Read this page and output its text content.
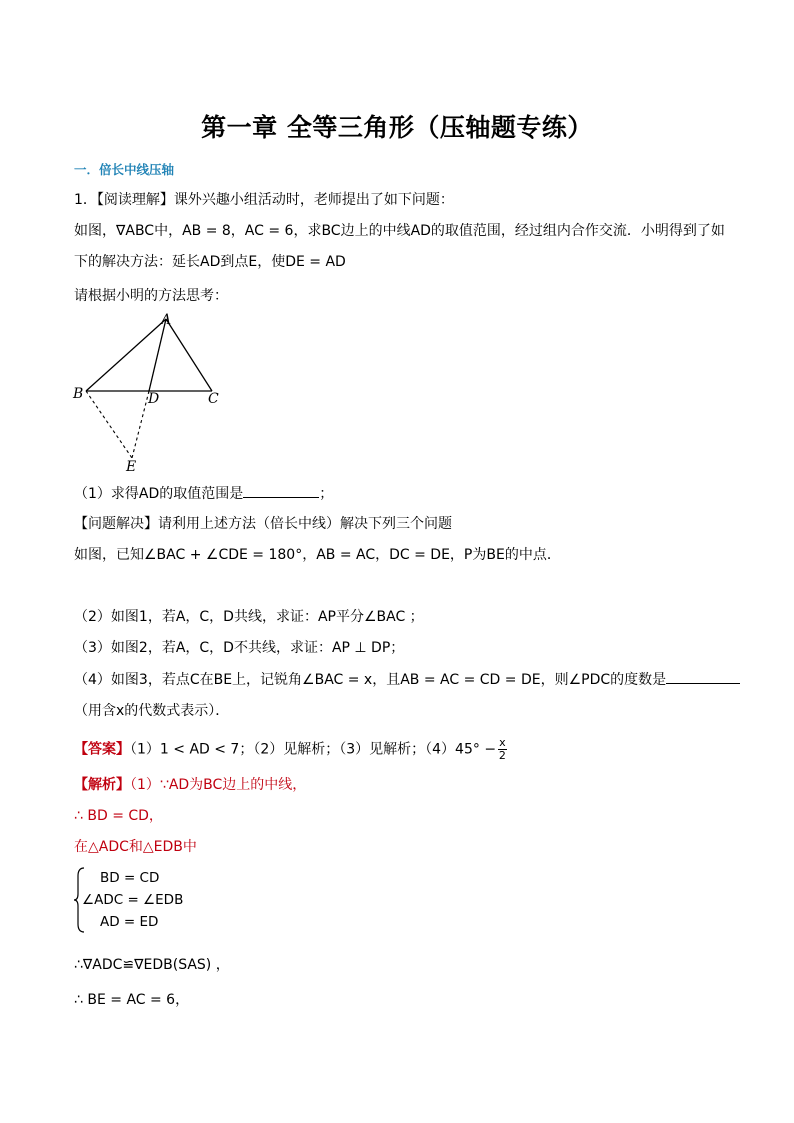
第一章 全等三角形（压轴题专练）
一．倍长中线压轴
1．【阅读理解】课外兴趣小组活动时，老师提出了如下问题：
如图，∇ABC中，AB = 8，AC = 6，求BC边上的中线AD的取值范围，经过组内合作交流．小明得到了如
下的解决方法：延长AD到点E，使DE = AD
请根据小明的方法思考：
A
B	C
D
E
（1）求得AD的取值范围是	；
【问题解决】请利用上述方法（倍长中线）解决下列三个问题
如图，已知∠BAC + ∠CDE = 180°，AB = AC，DC = DE，P为BE的中点．
（2）如图1，若A，C，D共线，求证：AP平分∠BAC ；
（3）如图2，若A，C，D不共线，求证：AP ⊥ DP；
（4）如图3，若点C在BE上，记锐角∠BAC = x，且AB = AC = CD = DE，则∠PDC的度数是
（用含x的代数式表示）．
【答案】（1）1 < AD < 7；（2）见解析；（3）见解析；$(4)45^\circ - \frac{x}{2}$
【解析】（1）∵AD为BC边上的中线，
∴ BD = CD，
在△ADC和△EDB中
BD = CD
∠ADC = ∠EDB
AD = ED
∴∇ADC≌∇EDB(SAS) ，
∴ BE = AC = 6，
